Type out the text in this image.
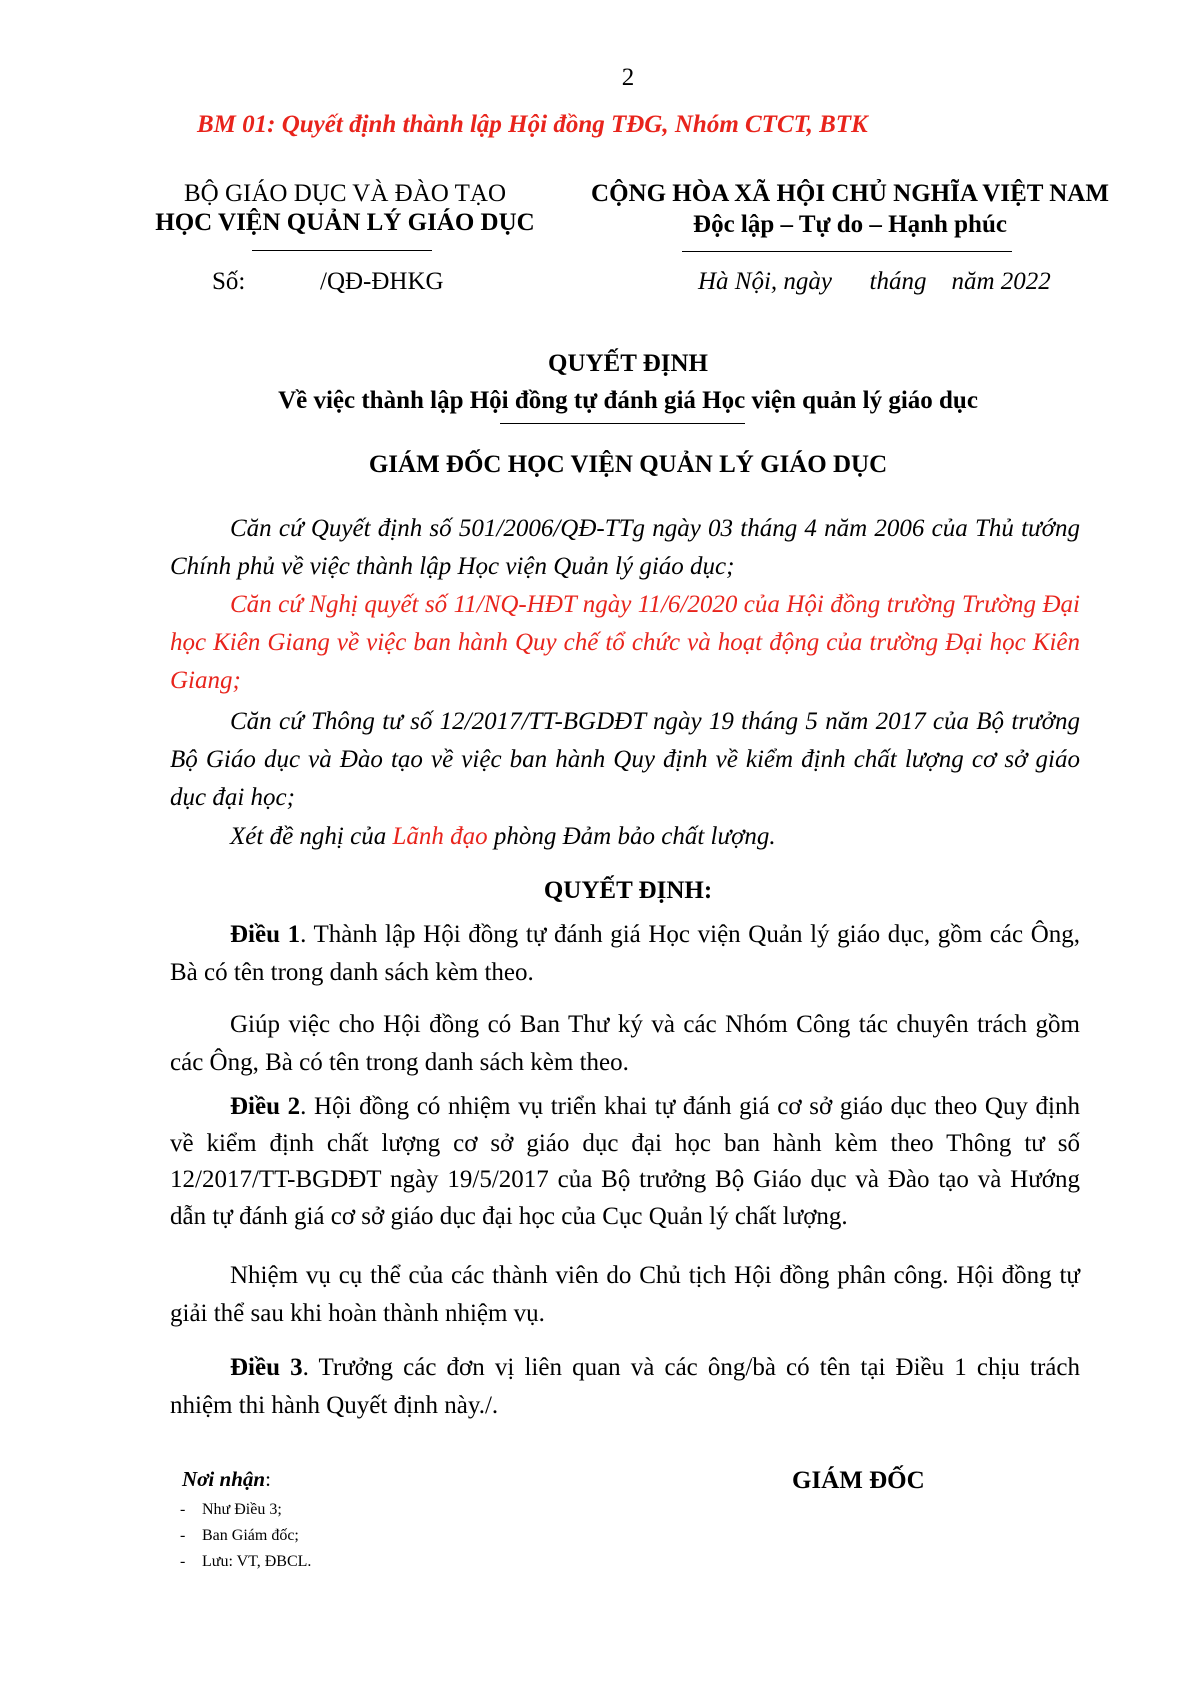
2
BM 01: Quyết định thành lập Hội đồng TĐG, Nhóm CTCT, BTK
BỘ GIÁO DỤC VÀ ĐÀO TẠO
HỌC VIỆN QUẢN LÝ GIÁO DỤC
CỘNG HÒA XÃ HỘI CHỦ NGHĨA VIỆT NAM
Độc lập – Tự do – Hạnh phúc
Số:	/QĐ-ĐHKG	Hà Nội, ngày      tháng    năm 2022
QUYẾT ĐỊNH
Về việc thành lập Hội đồng tự đánh giá Học viện quản lý giáo dục
GIÁM ĐỐC HỌC VIỆN QUẢN LÝ GIÁO DỤC
Căn cứ Quyết định số 501/2006/QĐ-TTg ngày 03 tháng 4 năm 2006 của Thủ tướng Chính phủ về việc thành lập Học viện Quản lý giáo dục;
Căn cứ Nghị quyết số 11/NQ-HĐT ngày 11/6/2020 của Hội đồng trường Trường Đại học Kiên Giang về việc ban hành Quy chế tổ chức và hoạt động của trường Đại học Kiên Giang;
Căn cứ Thông tư số 12/2017/TT-BGDĐT ngày 19 tháng 5 năm 2017 của Bộ trưởng Bộ Giáo dục và Đào tạo về việc ban hành Quy định về kiểm định chất lượng cơ sở giáo dục đại học;
Xét đề nghị của Lãnh đạo phòng Đảm bảo chất lượng.
QUYẾT ĐỊNH:
Điều 1. Thành lập Hội đồng tự đánh giá Học viện Quản lý giáo dục, gồm các Ông, Bà có tên trong danh sách kèm theo.
Giúp việc cho Hội đồng có Ban Thư ký và các Nhóm Công tác chuyên trách gồm các Ông, Bà có tên trong danh sách kèm theo.
Điều 2. Hội đồng có nhiệm vụ triển khai tự đánh giá cơ sở giáo dục theo Quy định về kiểm định chất lượng cơ sở giáo dục đại học ban hành kèm theo Thông tư số 12/2017/TT-BGDĐT ngày 19/5/2017 của Bộ trưởng Bộ Giáo dục và Đào tạo và Hướng dẫn tự đánh giá cơ sở giáo dục đại học của Cục Quản lý chất lượng.
Nhiệm vụ cụ thể của các thành viên do Chủ tịch Hội đồng phân công. Hội đồng tự giải thể sau khi hoàn thành nhiệm vụ.
Điều 3. Trưởng các đơn vị liên quan và các ông/bà có tên tại Điều 1 chịu trách nhiệm thi hành Quyết định này./.
Nơi nhận:
- Như Điều 3;
- Ban Giám đốc;
- Lưu: VT, ĐBCL.
GIÁM ĐỐC
